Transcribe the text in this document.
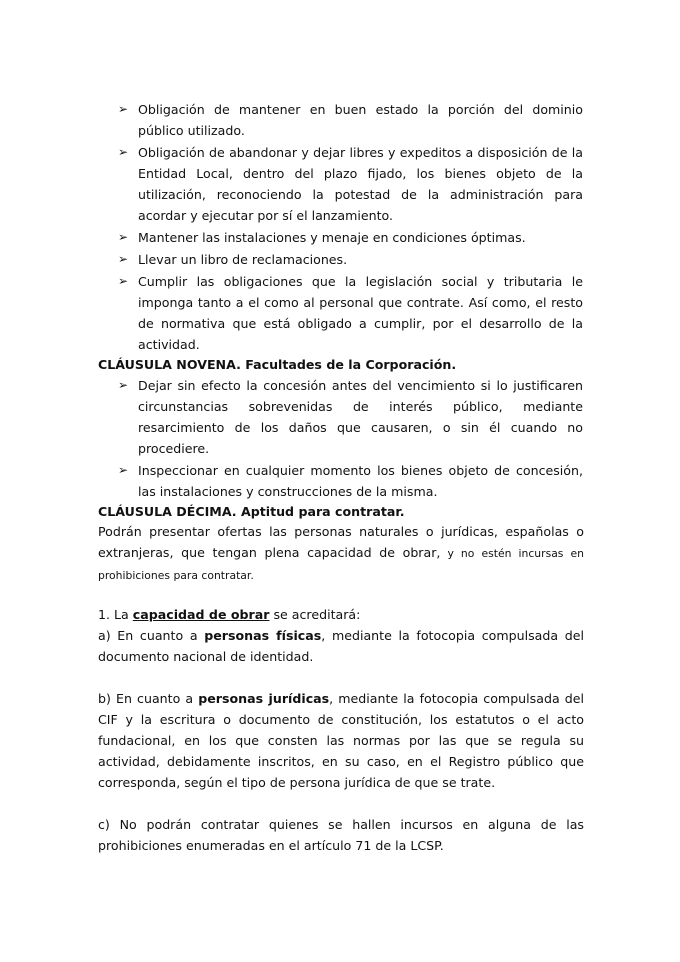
➢ Obligación de mantener en buen estado la porción del dominio público utilizado.
➢ Obligación de abandonar y dejar libres y expeditos a disposición de la Entidad Local, dentro del plazo fijado, los bienes objeto de la utilización, reconociendo la potestad de la administración para acordar y ejecutar por sí el lanzamiento.
➢ Mantener las instalaciones y menaje en condiciones óptimas.
➢ Llevar un libro de reclamaciones.
➢ Cumplir las obligaciones que la legislación social y tributaria le imponga tanto a el como al personal que contrate. Así como, el resto de normativa que está obligado a cumplir, por el desarrollo de la actividad.
CLÁUSULA NOVENA. Facultades de la Corporación.
➢ Dejar sin efecto la concesión antes del vencimiento si lo justificaren circunstancias sobrevenidas de interés público, mediante resarcimiento de los daños que causaren, o sin él cuando no procediere.
➢ Inspeccionar en cualquier momento los bienes objeto de concesión, las instalaciones y construcciones de la misma.
CLÁUSULA DÉCIMA. Aptitud para contratar.

Podrán presentar ofertas las personas naturales o jurídicas, españolas o extranjeras, que tengan plena capacidad de obrar, y no estén incursas en prohibiciones para contratar.

1. La capacidad de obrar se acreditará:

a) En cuanto a personas físicas, mediante la fotocopia compulsada del documento nacional de identidad.

b) En cuanto a personas jurídicas, mediante la fotocopia compulsada del CIF y la escritura o documento de constitución, los estatutos o el acto fundacional, en los que consten las normas por las que se regula su actividad, debidamente inscritos, en su caso, en el Registro público que corresponda, según el tipo de persona jurídica de que se trate.

c) No podrán contratar quienes se hallen incursos en alguna de las prohibiciones enumeradas en el artículo 71 de la LCSP.
